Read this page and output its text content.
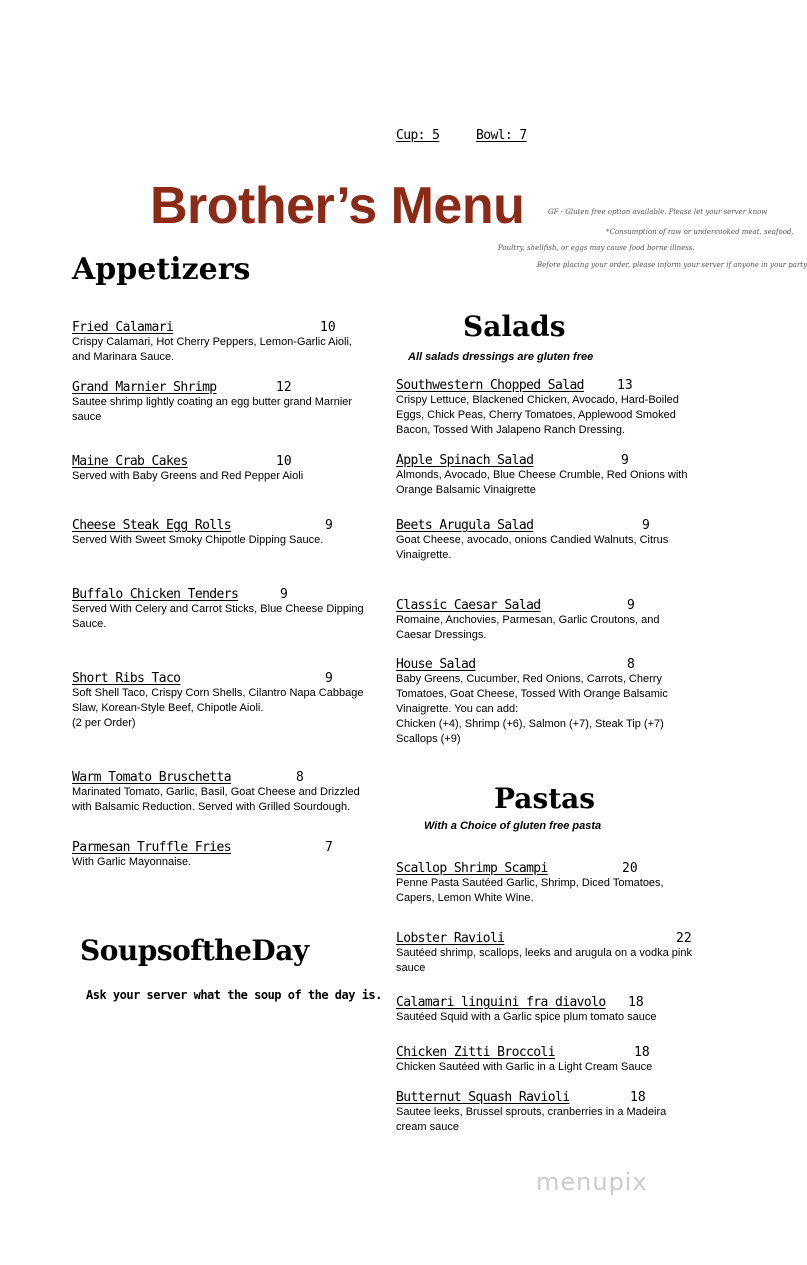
Cup: 5	Bowl: 7
Brother’s Menu	GF - Gluten free option available. Please let your server know
*Consumption of raw or undercooked meat, seafood,
Poultry, shellfish, or eggs may cause food borne illness.
Before placing your order, please inform your server if anyone in your party
Appetizers
Fried Calamari
Crispy Calamari, Hot Cherry Peppers, Lemon-Garlic Aioli, and Marinara Sauce.
10
Grand Marnier Shrimp
Sautee shrimp lightly coating an egg butter grand Marnier sauce
12
Maine Crab Cakes
Served with Baby Greens and Red Pepper Aioli
10
Cheese Steak Egg Rolls
Served With Sweet Smoky Chipotle Dipping Sauce.
9
Buffalo Chicken Tenders
Served With Celery and Carrot Sticks, Blue Cheese Dipping Sauce.
9
Short Ribs Taco
Soft Shell Taco, Crispy Corn Shells, Cilantro Napa Cabbage Slaw, Korean-Style Beef, Chipotle Aioli.
(2 per Order)
9
Warm Tomato Bruschetta
Marinated Tomato, Garlic, Basil, Goat Cheese and Drizzled with Balsamic Reduction. Served with Grilled Sourdough.
8
Parmesan Truffle Fries
With Garlic Mayonnaise.
7
SoupsoftheDay
Ask your server what the soup of the day is.
Salads
All salads dressings are gluten free
Southwestern Chopped Salad
Crispy Lettuce, Blackened Chicken, Avocado, Hard-Boiled Eggs, Chick Peas, Cherry Tomatoes, Applewood Smoked Bacon, Tossed With Jalapeno Ranch Dressing.
13
Apple Spinach Salad
Almonds, Avocado, Blue Cheese Crumble, Red Onions with Orange Balsamic Vinaigrette
9
Beets Arugula Salad
Goat Cheese, avocado, onions Candied Walnuts, Citrus Vinaigrette.
9
Classic Caesar Salad
Romaine, Anchovies, Parmesan, Garlic Croutons, and Caesar Dressings.
9
House Salad
Baby Greens, Cucumber, Red Onions, Carrots, Cherry Tomatoes, Goat Cheese, Tossed With Orange Balsamic Vinaigrette. You can add:
Chicken (+4), Shrimp (+6), Salmon (+7), Steak Tip (+7)
Scallops (+9)
8
Pastas
With a Choice of gluten free pasta
Scallop Shrimp Scampi
Penne Pasta Sautéed Garlic, Shrimp, Diced Tomatoes, Capers, Lemon White Wine.
20
Lobster Ravioli
Sautéed shrimp, scallops, leeks and arugula on a vodka pink sauce
22
Calamari linguini fra diavolo
Sautéed Squid with a Garlic spice plum tomato sauce
18
Chicken Zitti Broccoli
Chicken Sautéed with Garlic in a Light Cream Sauce
18
Butternut Squash Ravioli
Sautee leeks, Brussel sprouts, cranberries in a Madeira cream sauce
18
menupix
